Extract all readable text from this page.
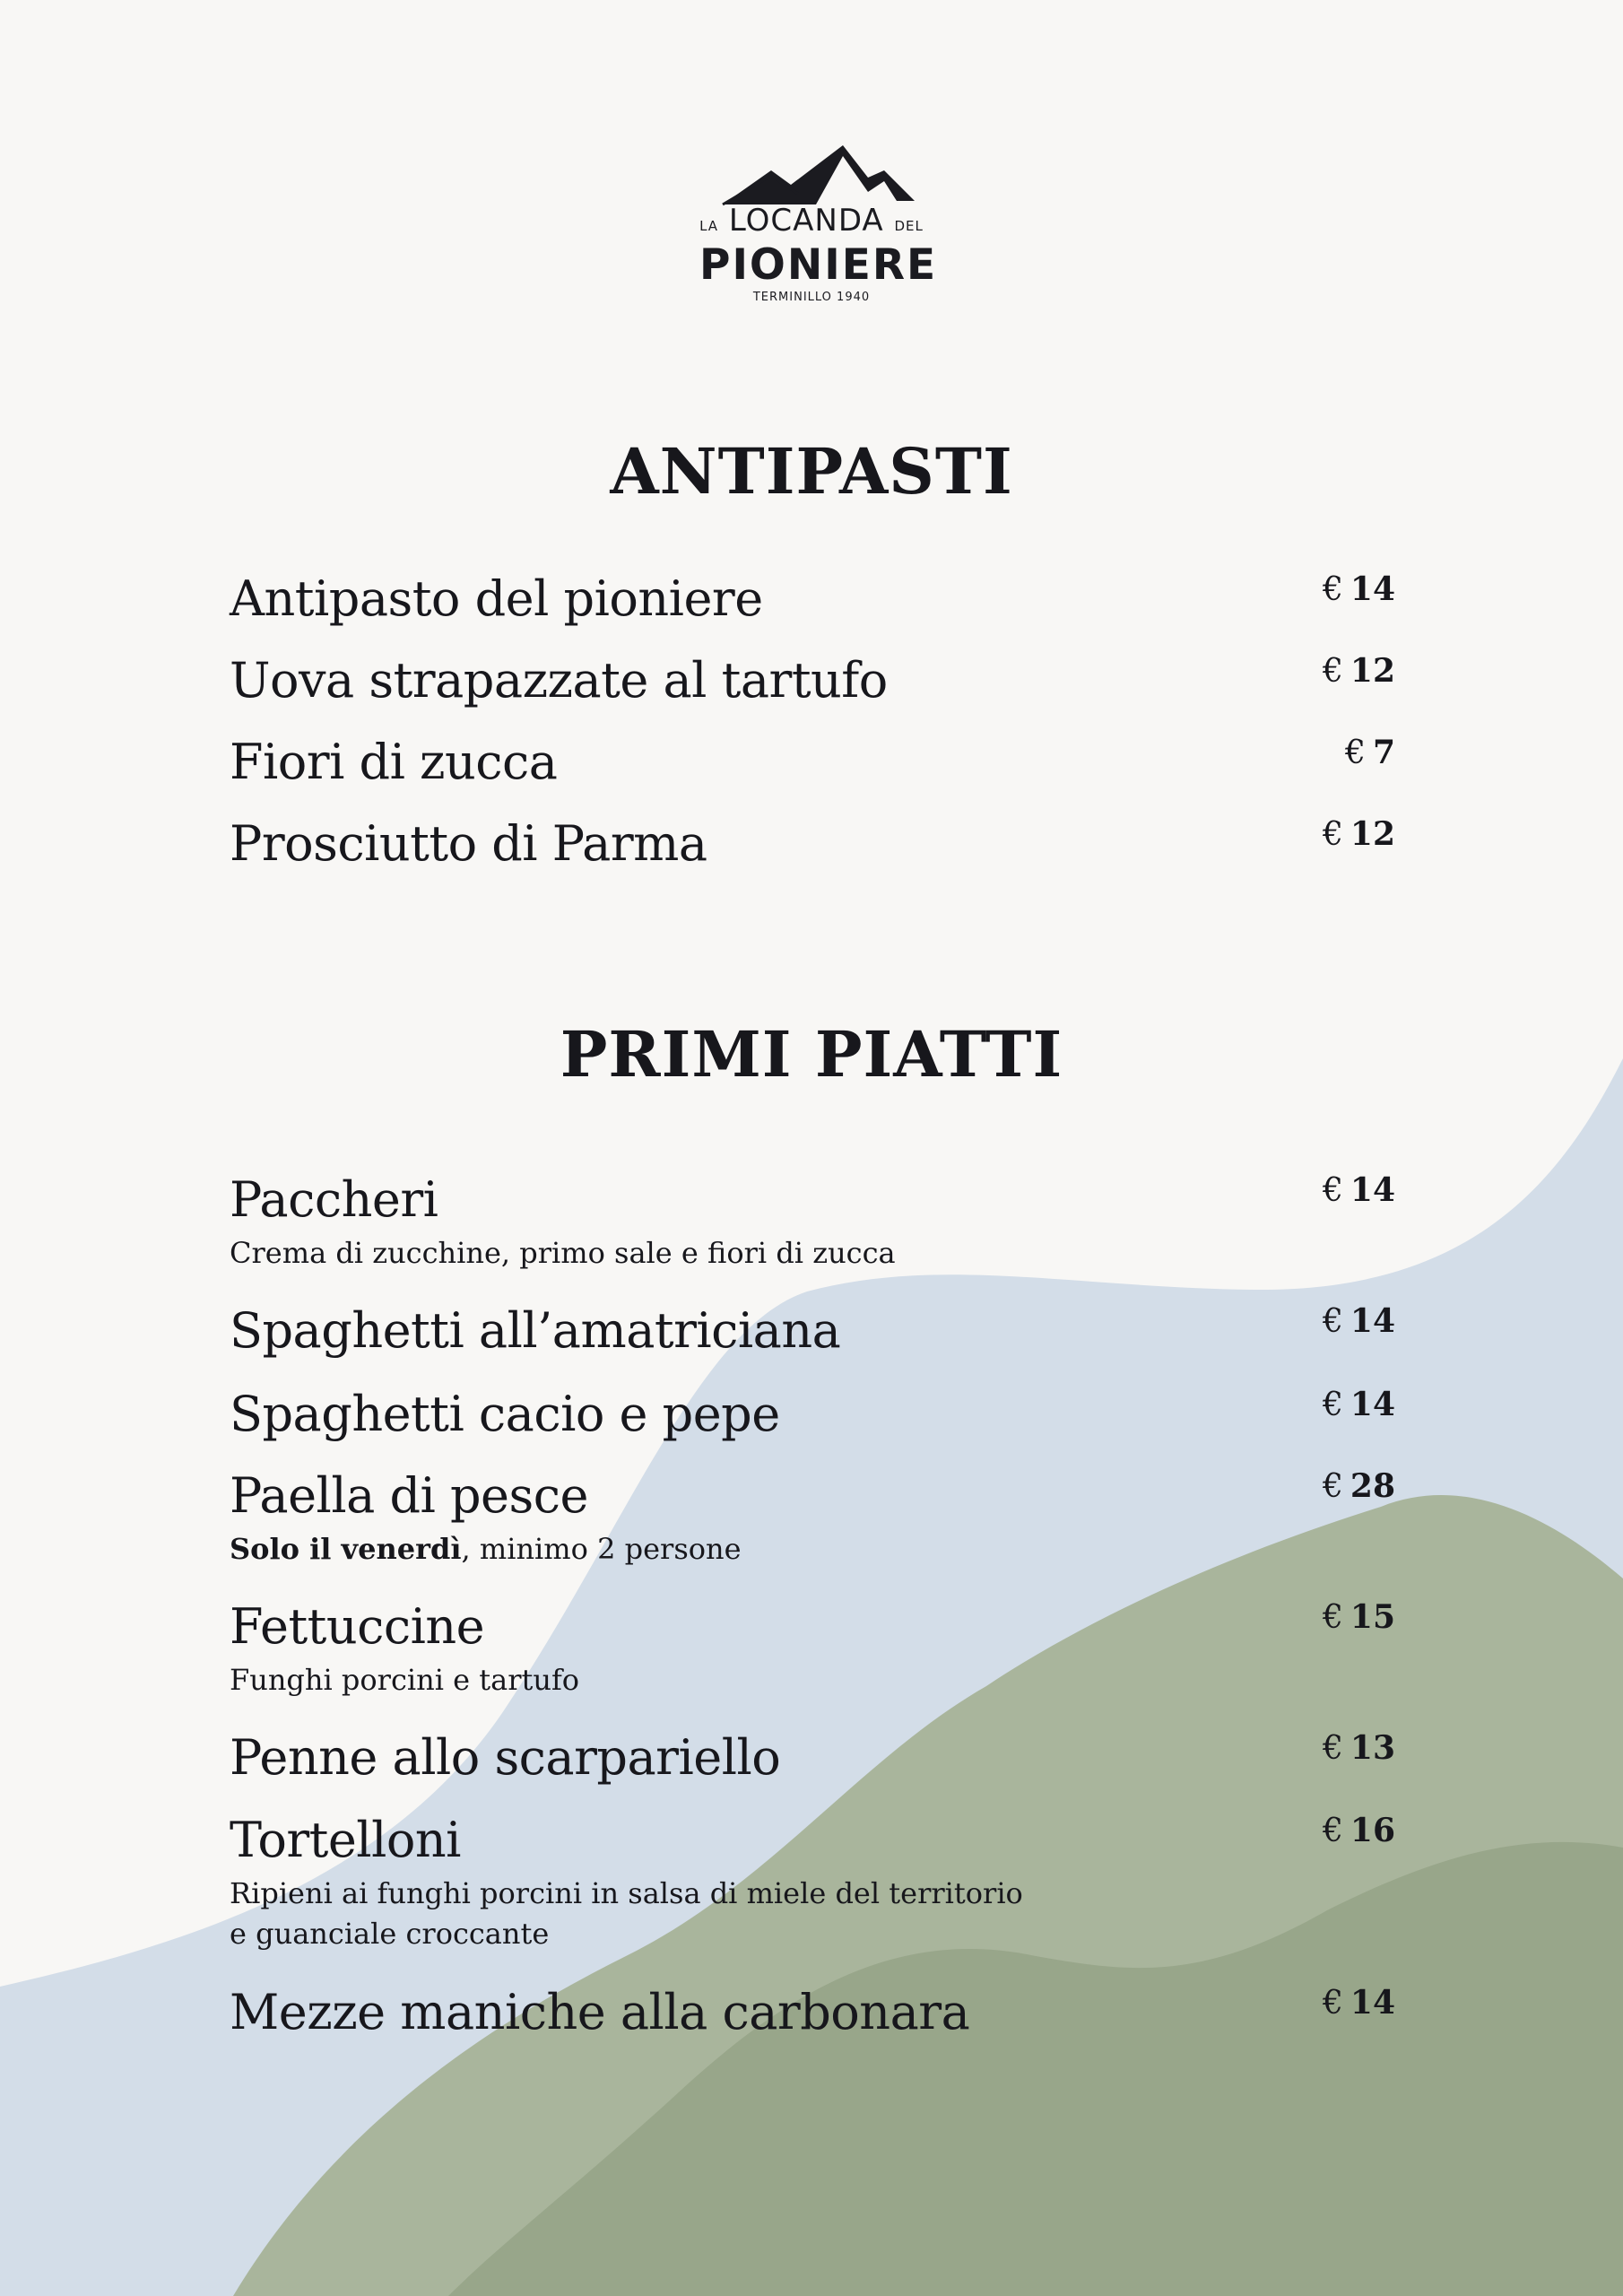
LA LOCANDA DEL
PIONIERE
TERMINILLO 1940
ANTIPASTI
Antipasto del pioniere	€ 14
Uova strapazzate al tartufo	€ 12
Fiori di zucca	€ 7
Prosciutto di Parma	€ 12
PRIMI PIATTI
Paccheri	€ 14
Crema di zucchine, primo sale e fiori di zucca
Spaghetti all’amatriciana	€ 14
Spaghetti cacio e pepe	€ 14
Paella di pesce	€ 28
Solo il venerdì, minimo 2 persone
Fettuccine	€ 15
Funghi porcini e tartufo
Penne allo scarpariello	€ 13
Tortelloni	€ 16
Ripieni ai funghi porcini in salsa di miele del territorio
e guanciale croccante
Mezze maniche alla carbonara	€ 14
